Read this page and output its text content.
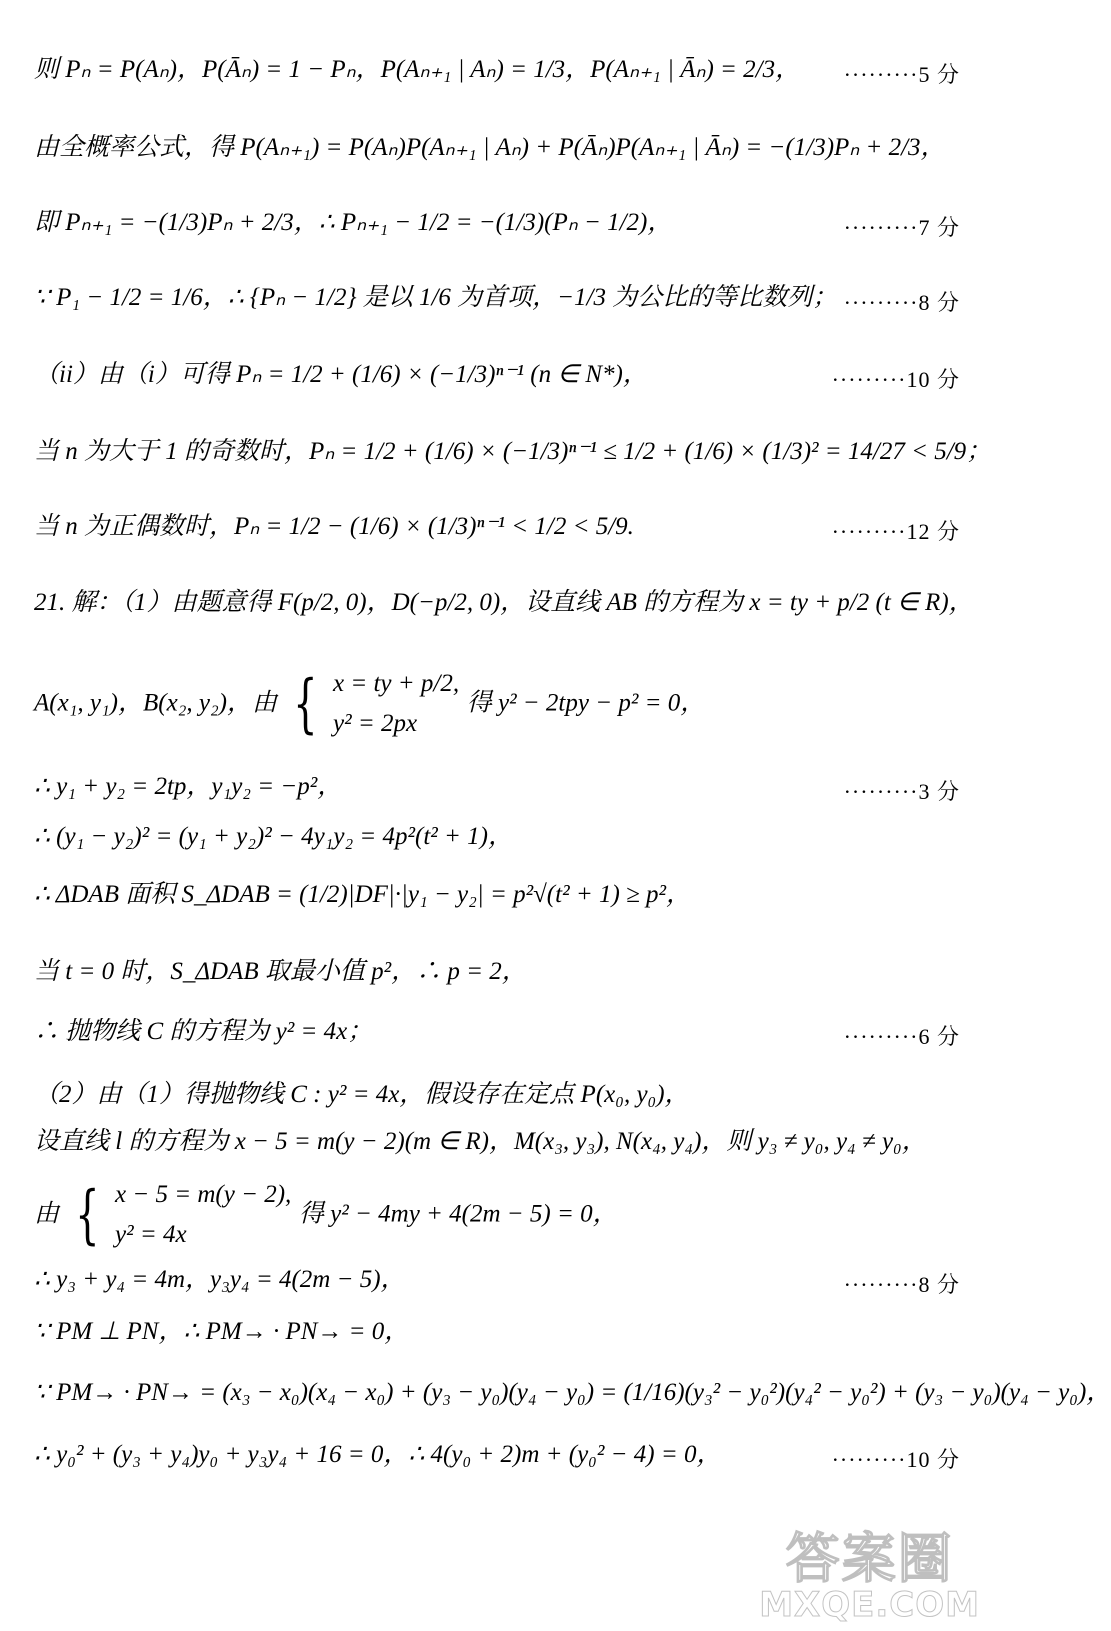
则 Pₙ = P(Aₙ)，P(Āₙ) = 1 − Pₙ，P(Aₙ₊₁ | Aₙ) = 1/3，P(Aₙ₊₁ | Āₙ) = 2/3，	·········5 分
由全概率公式，得 P(Aₙ₊₁) = P(Aₙ)P(Aₙ₊₁ | Aₙ) + P(Āₙ)P(Aₙ₊₁ | Āₙ) = −(1/3)Pₙ + 2/3，
即 Pₙ₊₁ = −(1/3)Pₙ + 2/3，∴ Pₙ₊₁ − 1/2 = −(1/3)(Pₙ − 1/2)，	·········7 分
∵ P₁ − 1/2 = 1/6，∴ {Pₙ − 1/2} 是以 1/6 为首项，−1/3 为公比的等比数列； ·········8 分
（ii）由（i）可得 Pₙ = 1/2 + (1/6) × (−1/3)ⁿ⁻¹ (n ∈ N*)，	·········10 分
当 n 为大于 1 的奇数时，Pₙ = 1/2 + (1/6) × (−1/3)ⁿ⁻¹ ≤ 1/2 + (1/6) × (1/3)² = 14/27 < 5/9；
当 n 为正偶数时，Pₙ = 1/2 − (1/6) × (1/3)ⁿ⁻¹ < 1/2 < 5/9.	·········12 分
21. 解：（1）由题意得 F(p/2, 0)，D(−p/2, 0)，设直线 AB 的方程为 x = ty + p/2 (t ∈ R)，
A(x₁, y₁)，B(x₂, y₂)，由 { x = ty + p/2,
y² = 2px
得 y² − 2tpy − p² = 0，
∴ y₁ + y₂ = 2tp，y₁y₂ = −p²，	·········3 分
∴ (y₁ − y₂)² = (y₁ + y₂)² − 4y₁y₂ = 4p²(t² + 1)，
∴ ΔDAB 面积 S_ΔDAB = (1/2)|DF|·|y₁ − y₂| = p²√(t² + 1) ≥ p²，
当 t = 0 时，S_ΔDAB 取最小值 p²，∴ p = 2，
∴ 抛物线 C 的方程为 y² = 4x；	·········6 分
（2）由（1）得抛物线 C : y² = 4x，假设存在定点 P(x₀, y₀)，
设直线 l 的方程为 x − 5 = m(y − 2)(m ∈ R)，M(x₃, y₃), N(x₄, y₄)，则 y₃ ≠ y₀, y₄ ≠ y₀，
由 { x − 5 = m(y − 2),
y² = 4x
得 y² − 4my + 4(2m − 5) = 0，
∴ y₃ + y₄ = 4m，y₃y₄ = 4(2m − 5)，	·········8 分
∵ PM ⊥ PN，∴ PM→ · PN→ = 0，
∵ PM→ · PN→ = (x₃ − x₀)(x₄ − x₀) + (y₃ − y₀)(y₄ − y₀) = (1/16)(y₃² − y₀²)(y₄² − y₀²) + (y₃ − y₀)(y₄ − y₀)，
∴ y₀² + (y₃ + y₄)y₀ + y₃y₄ + 16 = 0，∴ 4(y₀ + 2)m + (y₀² − 4) = 0，	·········10 分
答案圈
MXQE.COM
